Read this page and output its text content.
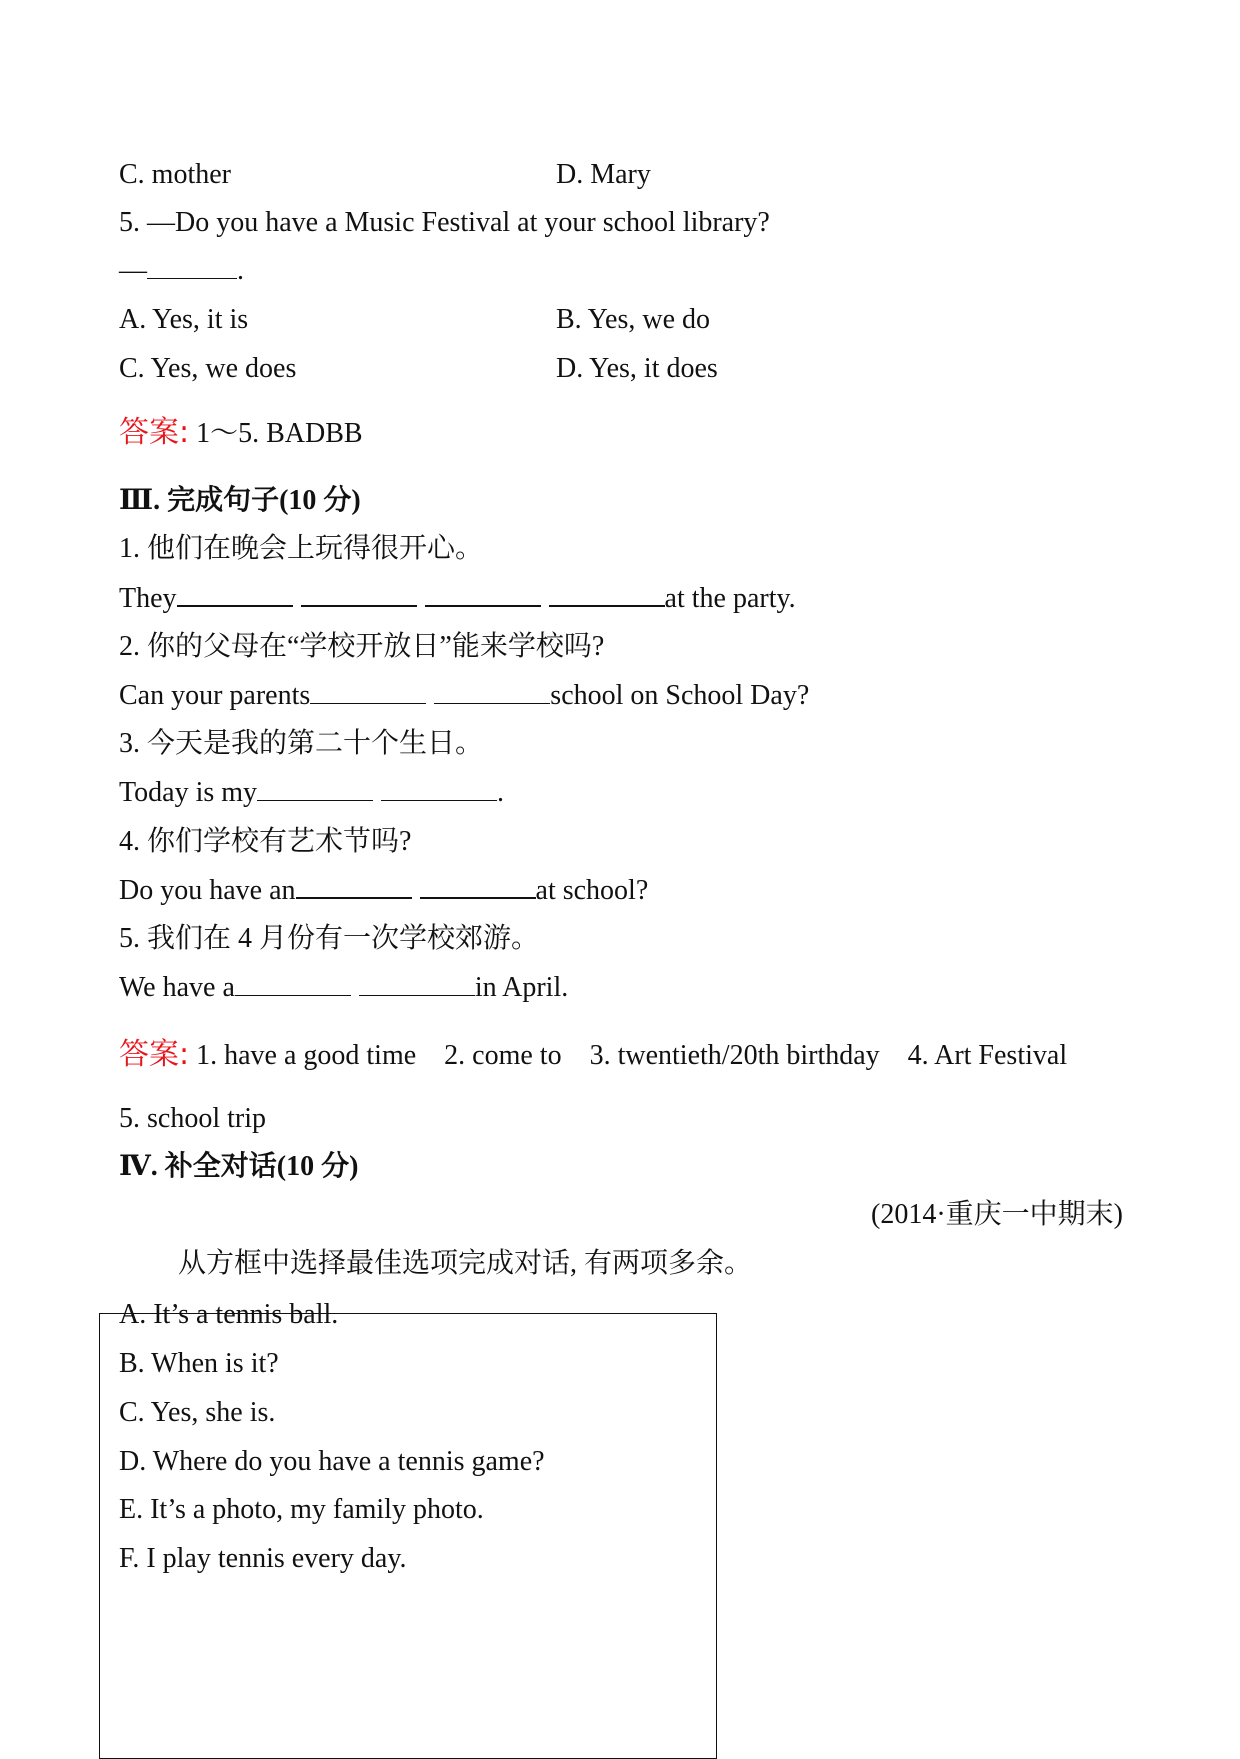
C. mother	D. Mary
5. —Do you have a Music Festival at your school library?
—	.
A. Yes, it is	B. Yes, we do
C. Yes, we does	D. Yes, it does
答案: 1～5. BADBB
Ⅲ. 完成句子(10 分)
1. 他们在晚会上玩得很开心。
They	at the party.
2. 你的父母在“学校开放日”能来学校吗?
Can your parents	school on School Day?
3. 今天是我的第二十个生日。
Today is my	.
4. 你们学校有艺术节吗?
Do you have an	at school?
5. 我们在 4 月份有一次学校郊游。
We have a	in April.
答案: 1. have a good time 2. come to 3. twentieth/20th birthday 4. Art Festival
5. school trip
Ⅳ. 补全对话(10 分)
(2014·重庆一中期末)
从方框中选择最佳选项完成对话, 有两项多余。
A. It’s a tennis ball.
B. When is it?
C. Yes, she is.
D. Where do you have a tennis game?
E. It’s a photo, my family photo.
F. I play tennis every day.
